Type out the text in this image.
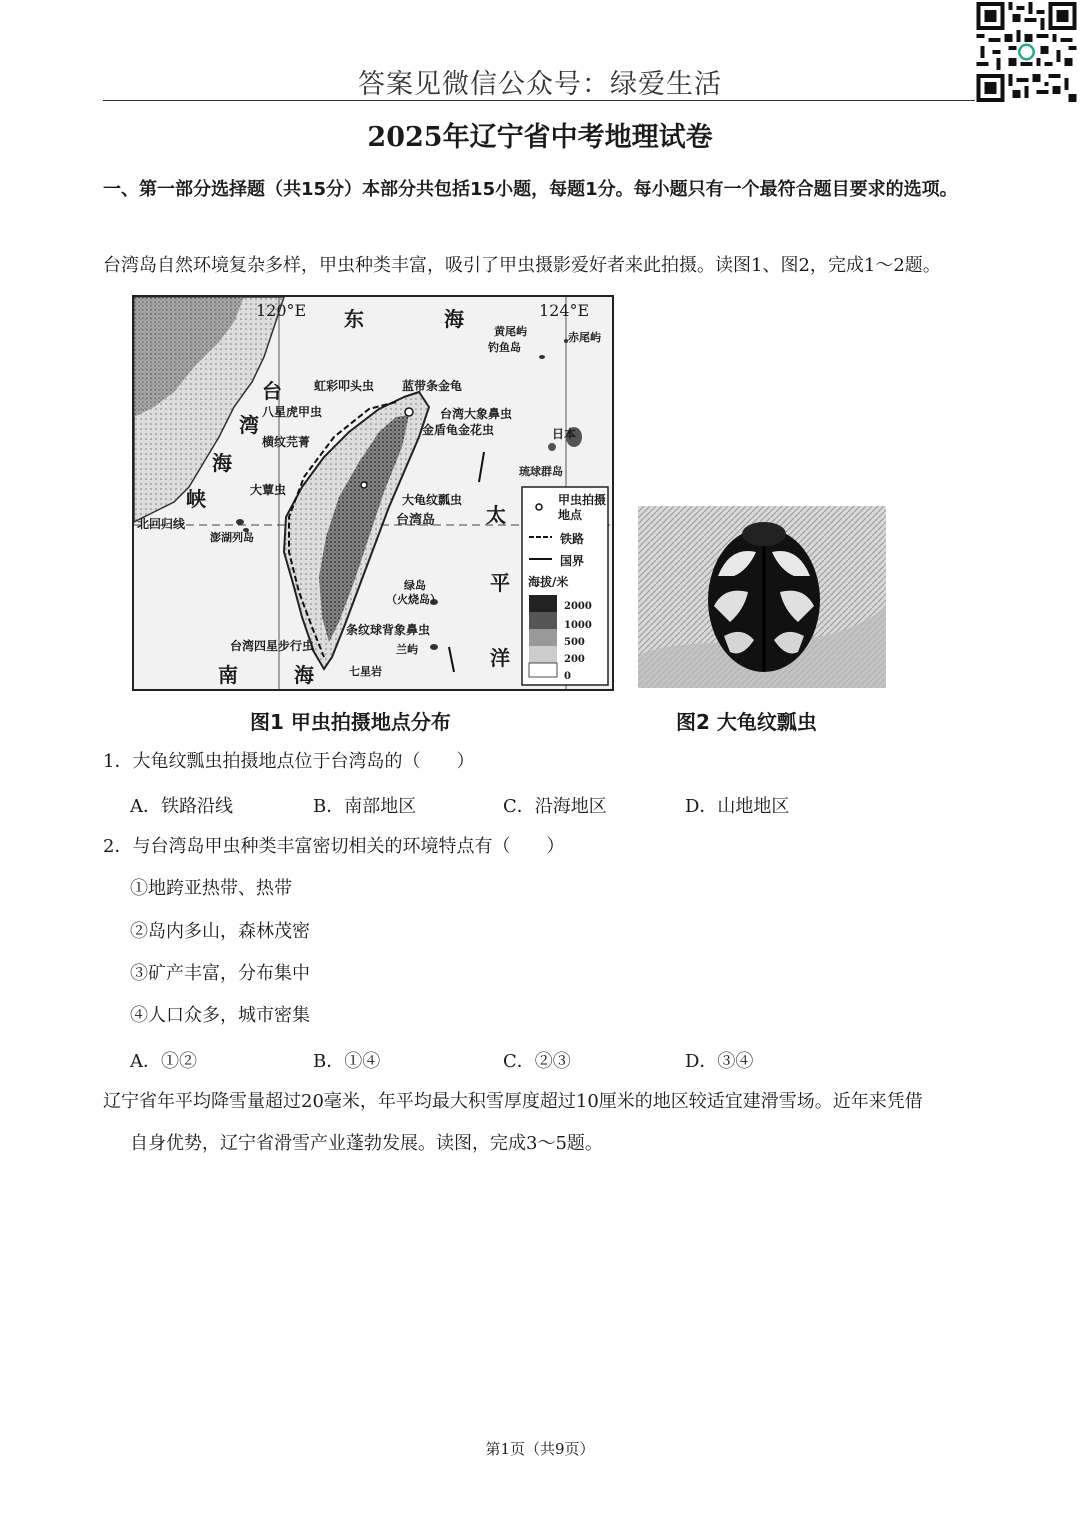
答案见微信公众号：绿爱生活
2025年辽宁省中考地理试卷
一、第一部分选择题（共15分）本部分共包括15小题，每题1分。每小题只有一个最符合题目要求的选项。
台湾岛自然环境复杂多样，甲虫种类丰富，吸引了甲虫摄影爱好者来此拍摄。读图1、图2，完成1～2题。
120°E	124°E
东	海
台
湾
海
峡
太
平
洋
南	海
北回归线	台湾岛
黄尾屿
钓鱼岛
赤尾屿
日本
琉球群岛
澎湖列岛
绿岛
（火烧岛）
兰屿
七星岩
虹彩叩头虫 蓝带条金龟
八星虎甲虫	台湾大象鼻虫
横纹芫菁
金盾龟金花虫
大蕈虫
大龟纹瓢虫
条纹球背象鼻虫
台湾四星步行虫
甲虫拍摄地点
铁路
国界
海拔/米
2000
1000
500
200
0
图1 甲虫拍摄地点分布	图2 大龟纹瓢虫
1．大龟纹瓢虫拍摄地点位于台湾岛的（　　）
A．铁路沿线	B．南部地区	C．沿海地区	D．山地地区
2．与台湾岛甲虫种类丰富密切相关的环境特点有（　　）
①地跨亚热带、热带
②岛内多山，森林茂密
③矿产丰富，分布集中
④人口众多，城市密集
A．①②	B．①④	C．②③	D．③④
辽宁省年平均降雪量超过20毫米，年平均最大积雪厚度超过10厘米的地区较适宜建滑雪场。近年来凭借
自身优势，辽宁省滑雪产业蓬勃发展。读图，完成3～5题。
第1页（共9页）
